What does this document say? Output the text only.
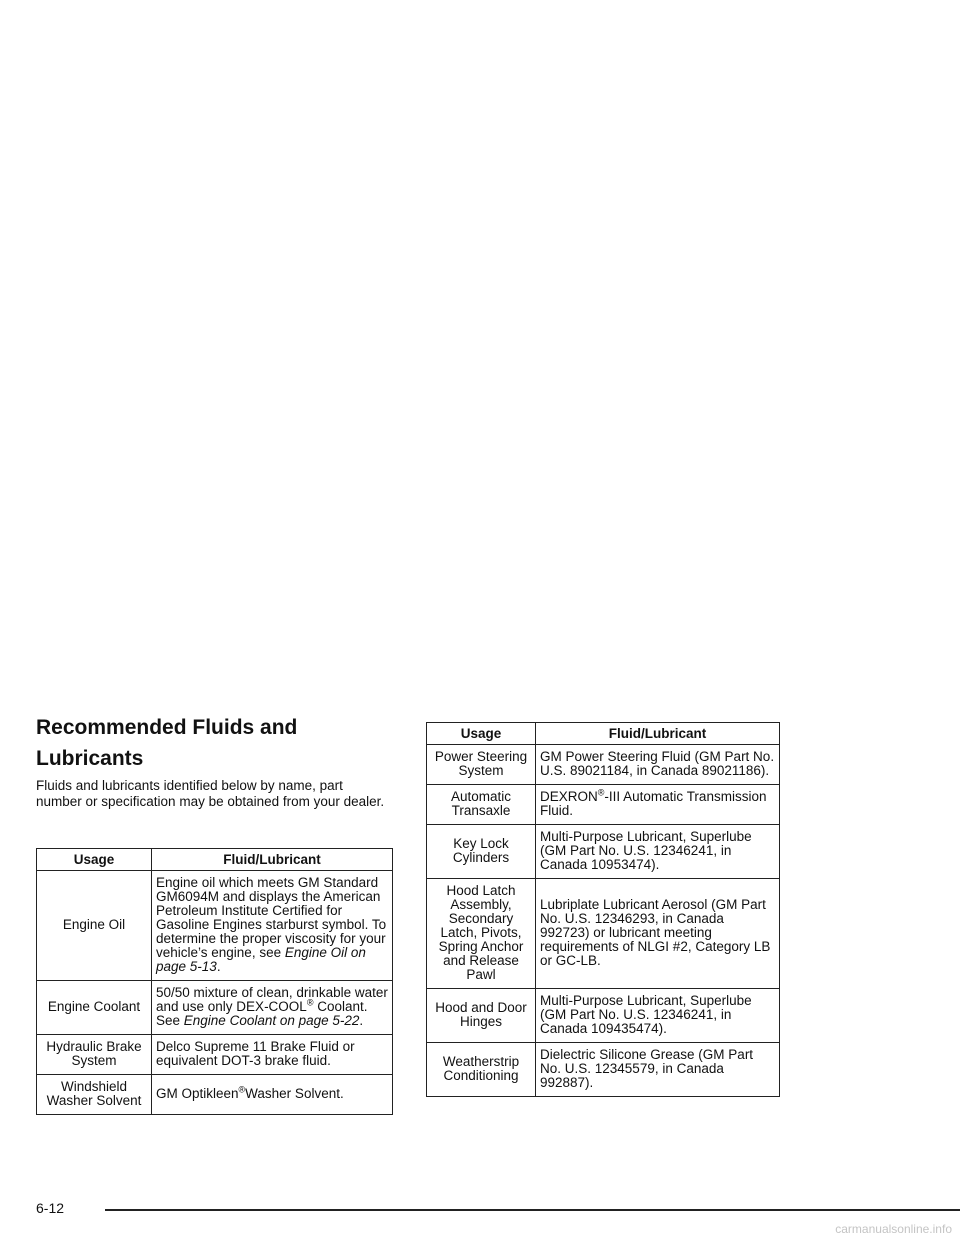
Recommended Fluids and Lubricants

Fluids and lubricants identified below by name, part number or specification may be obtained from your dealer.

Usage	Fluid/Lubricant
Engine Oil	Engine oil which meets GM Standard GM6094M and displays the American Petroleum Institute Certified for Gasoline Engines starburst symbol. To determine the proper viscosity for your vehicle’s engine, see Engine Oil on page 5-13.
Engine Coolant	50/50 mixture of clean, drinkable water and use only DEX-COOL® Coolant. See Engine Coolant on page 5-22.
Hydraulic Brake System	Delco Supreme 11 Brake Fluid or equivalent DOT-3 brake fluid.
Windshield Washer Solvent	GM Optikleen®Washer Solvent.
Usage	Fluid/Lubricant
Power Steering System	GM Power Steering Fluid (GM Part No. U.S. 89021184, in Canada 89021186).
Automatic Transaxle	DEXRON®-III Automatic Transmission Fluid.
Key Lock Cylinders	Multi-Purpose Lubricant, Superlube (GM Part No. U.S. 12346241, in Canada 10953474).
Hood Latch Assembly, Secondary Latch, Pivots, Spring Anchor and Release Pawl	Lubriplate Lubricant Aerosol (GM Part No. U.S. 12346293, in Canada 992723) or lubricant meeting requirements of NLGI #2, Category LB or GC-LB.
Hood and Door Hinges	Multi-Purpose Lubricant, Superlube (GM Part No. U.S. 12346241, in Canada 109435474).
Weatherstrip Conditioning	Dielectric Silicone Grease (GM Part No. U.S. 12345579, in Canada 992887).
6-12
carmanualsonline.info
